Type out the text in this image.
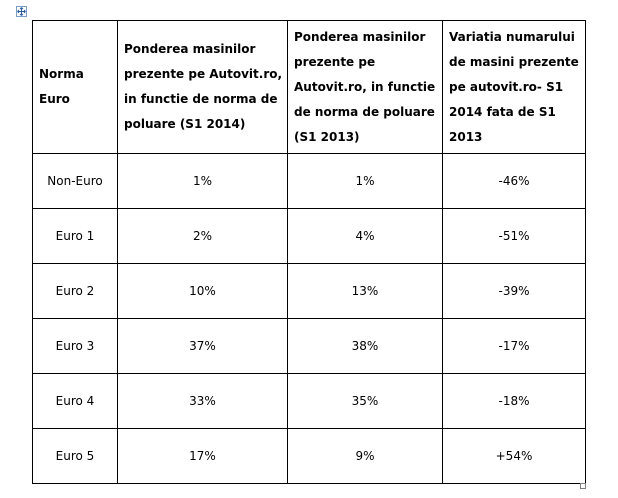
Norma Euro	Ponderea masinilor prezente pe Autovit.ro, in functie de norma de poluare (S1 2014)	Ponderea masinilor prezente pe Autovit.ro, in functie de norma de poluare (S1 2013)	Variatia numarului de masini prezente pe autovit.ro- S1 2014 fata de S1 2013
Non-Euro	1%	1%	-46%
Euro 1	2%	4%	-51%
Euro 2	10%	13%	-39%
Euro 3	37%	38%	-17%
Euro 4	33%	35%	-18%
Euro 5	17%	9%	+54%
